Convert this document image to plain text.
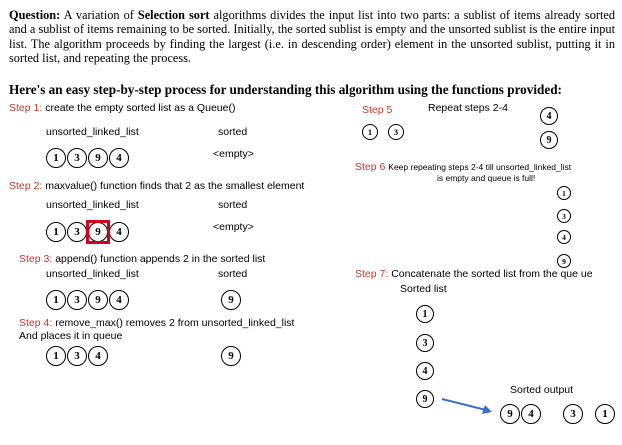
Question: A variation of Selection sort algorithms divides the input list into two parts: a sublist of items already sorted and a sublist of items remaining to be sorted. Initially, the sorted sublist is empty and the unsorted sublist is the entire input list. The algorithm proceeds by finding the largest (i.e. in descending order) element in the unsorted sublist, putting it in sorted list, and repeating the process.
Here's an easy step-by-step process for understanding this algorithm using the functions provided:
Step 1: create the empty sorted list as a Queue()
unsorted_linked_list	sorted
<empty>
1	3	9	4
Step 2: maxvalue() function finds that 2 as the smallest element
unsorted_linked_list	sorted
<empty>
1	3	9	4
Step 3: append() function appends 2 in the sorted list
unsorted_linked_list	sorted
1	3	9	4	9
Step 4: remove_max() removes 2 from unsorted_linked_list
And places it in queue
1	3	4	9
Step 5	Repeat steps 2-4
1	3
4
9
Step 6 Keep repeating steps 2-4 till unsorted_linked_list
is empty and queue is full!
1
3
4
9
Step 7: Concatenate the sorted list from the que ue
Sorted list
1
3
4
9
Sorted output
9	4	3	1
